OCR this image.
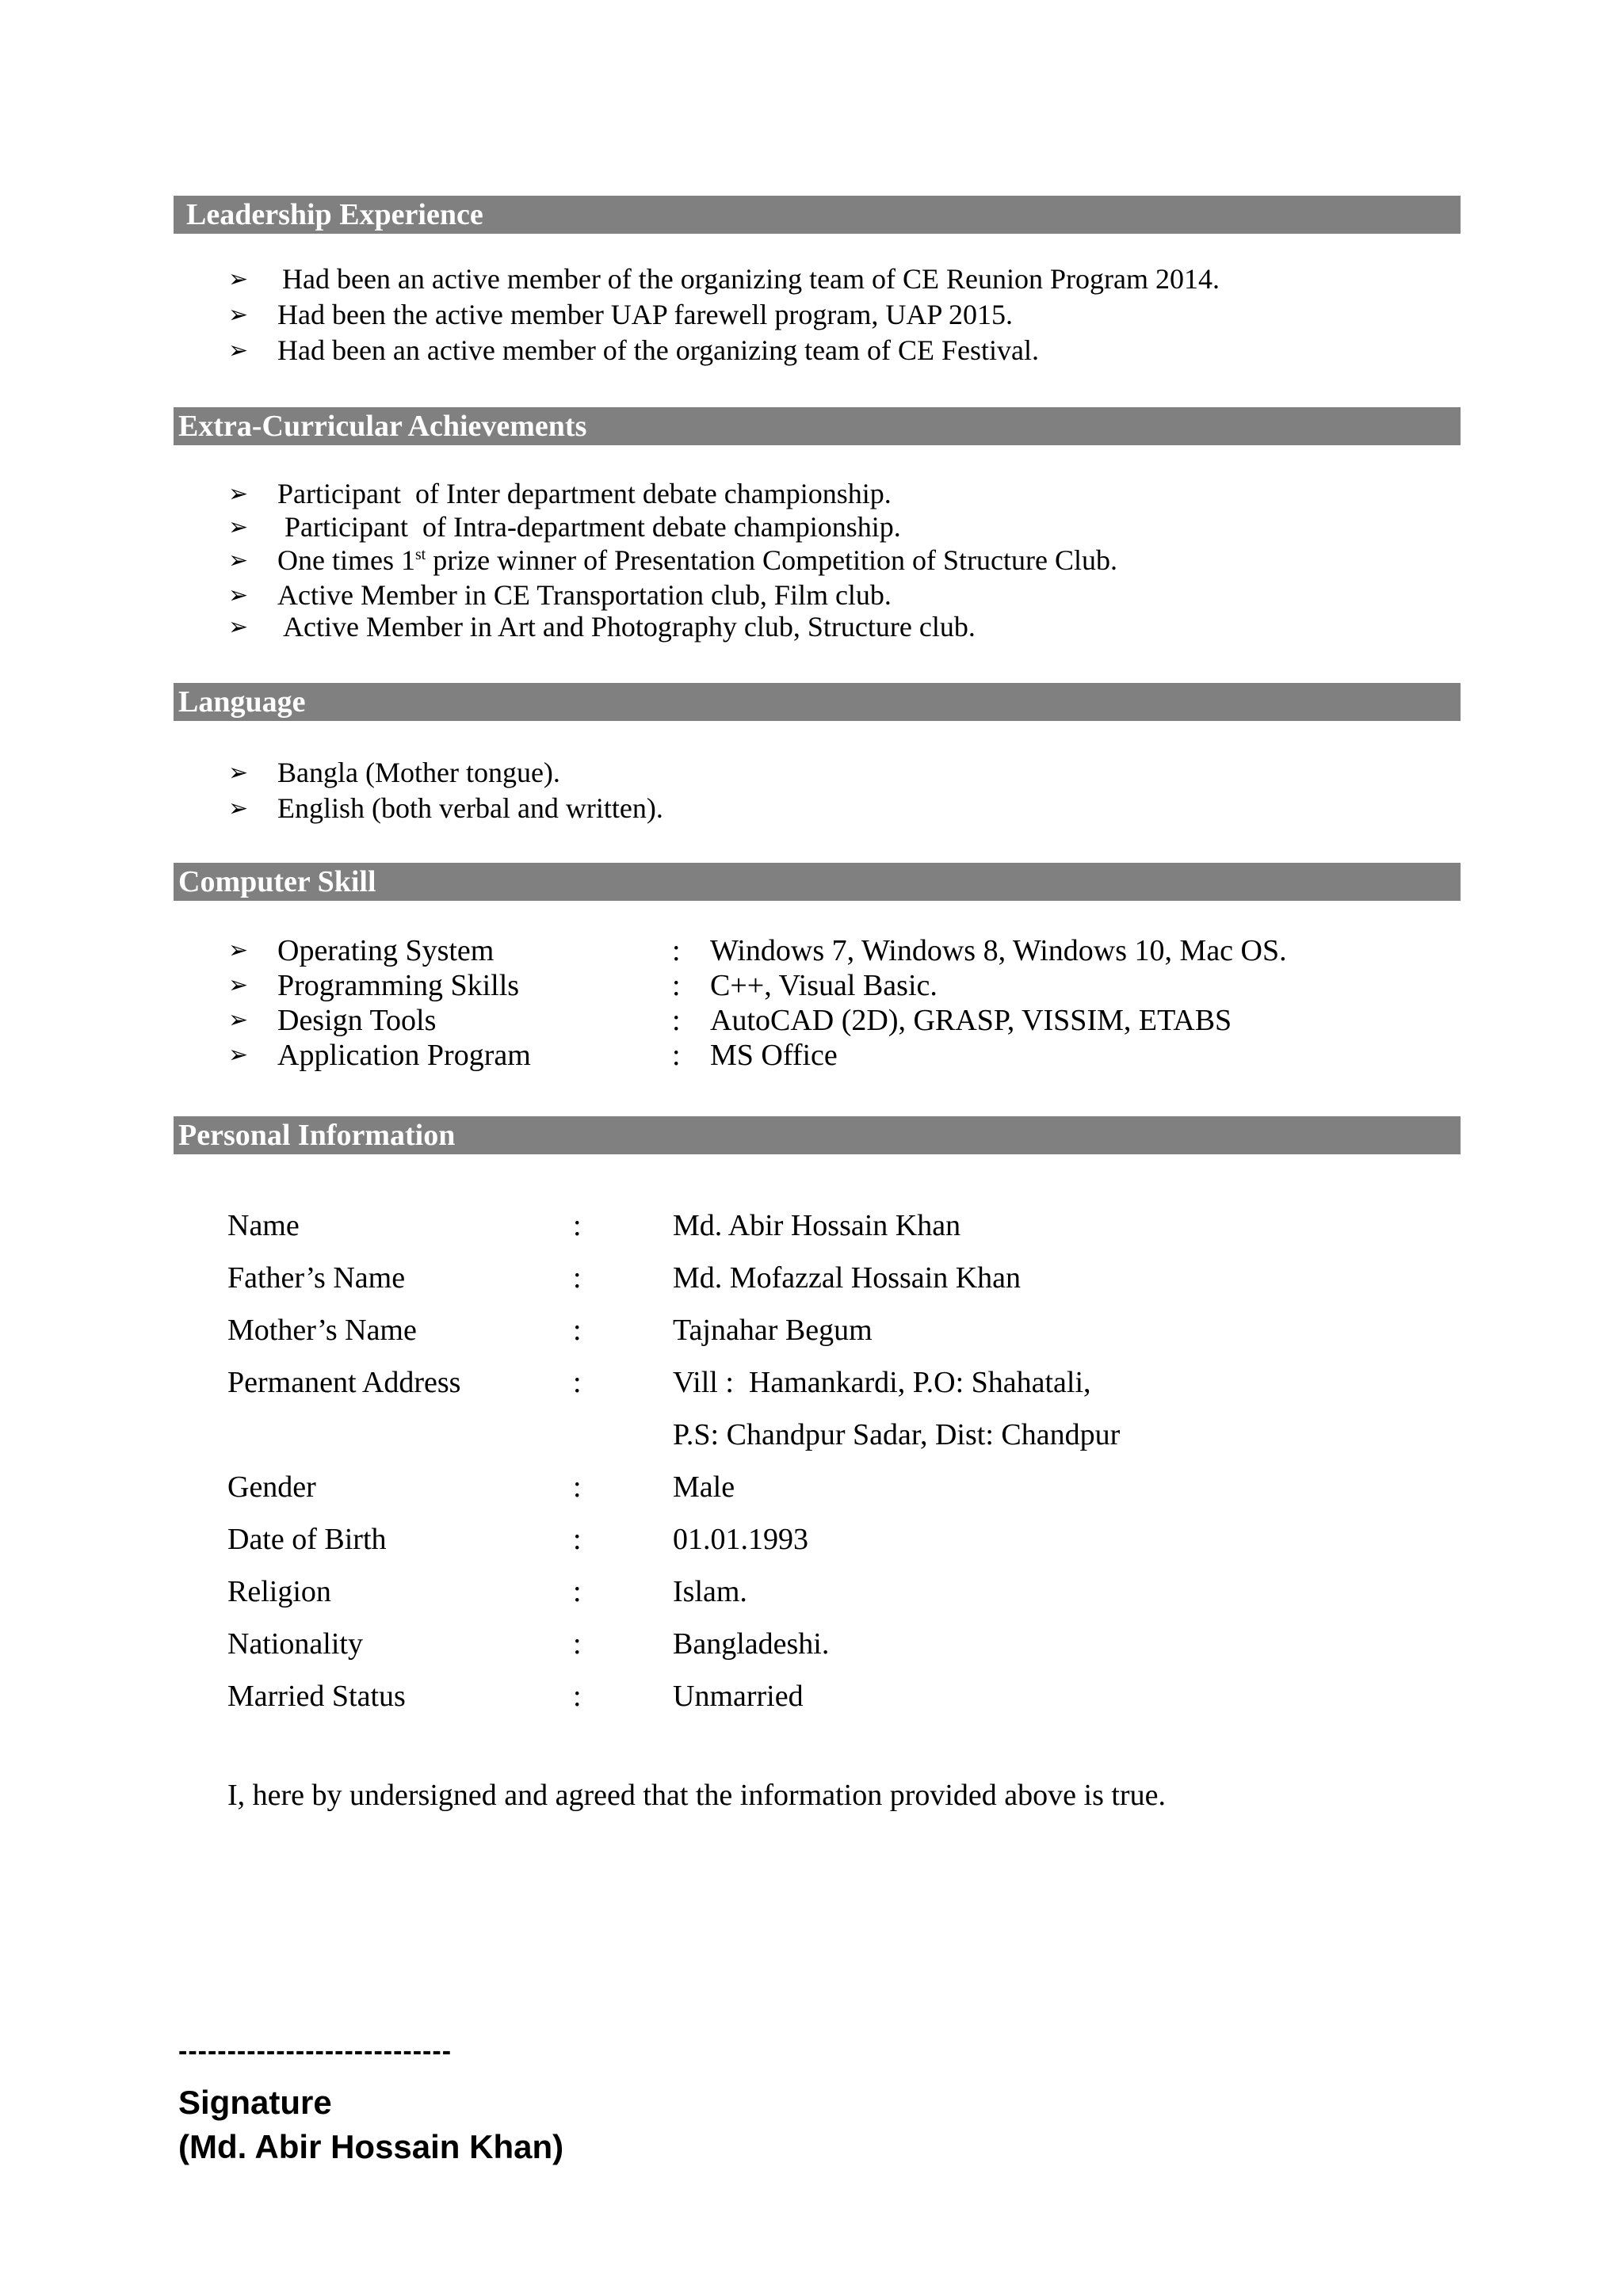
Leadership Experience
➢ Had been an active member of the organizing team of CE Reunion Program 2014.
➢ Had been the active member UAP farewell program, UAP 2015.
➢ Had been an active member of the organizing team of CE Festival.
Extra-Curricular Achievements
➢ Participant  of Inter department debate championship.
➢ Participant  of Intra-department debate championship.
➢ One times 1st prize winner of Presentation Competition of Structure Club.
➢ Active Member in CE Transportation club, Film club.
➢ Active Member in Art and Photography club, Structure club.
Language
➢ Bangla (Mother tongue).
➢ English (both verbal and written).
Computer Skill
➢ Operating System	: Windows 7, Windows 8, Windows 10, Mac OS.
➢ Programming Skills	: C++, Visual Basic.
➢ Design Tools	: AutoCAD (2D), GRASP, VISSIM, ETABS
➢ Application Program	: MS Office
Personal Information
Name	:	Md. Abir Hossain Khan
Father’s Name	:	Md. Mofazzal Hossain Khan
Mother’s Name	:	Tajnahar Begum
Permanent Address	:	Vill :  Hamankardi, P.O: Shahatali,
P.S: Chandpur Sadar, Dist: Chandpur
Gender	:	Male
Date of Birth	:	01.01.1993
Religion	:	Islam.
Nationality	:	Bangladeshi.
Married Status	:	Unmarried
I, here by undersigned and agreed that the information provided above is true.
----------------------------
Signature
(Md. Abir Hossain Khan)
